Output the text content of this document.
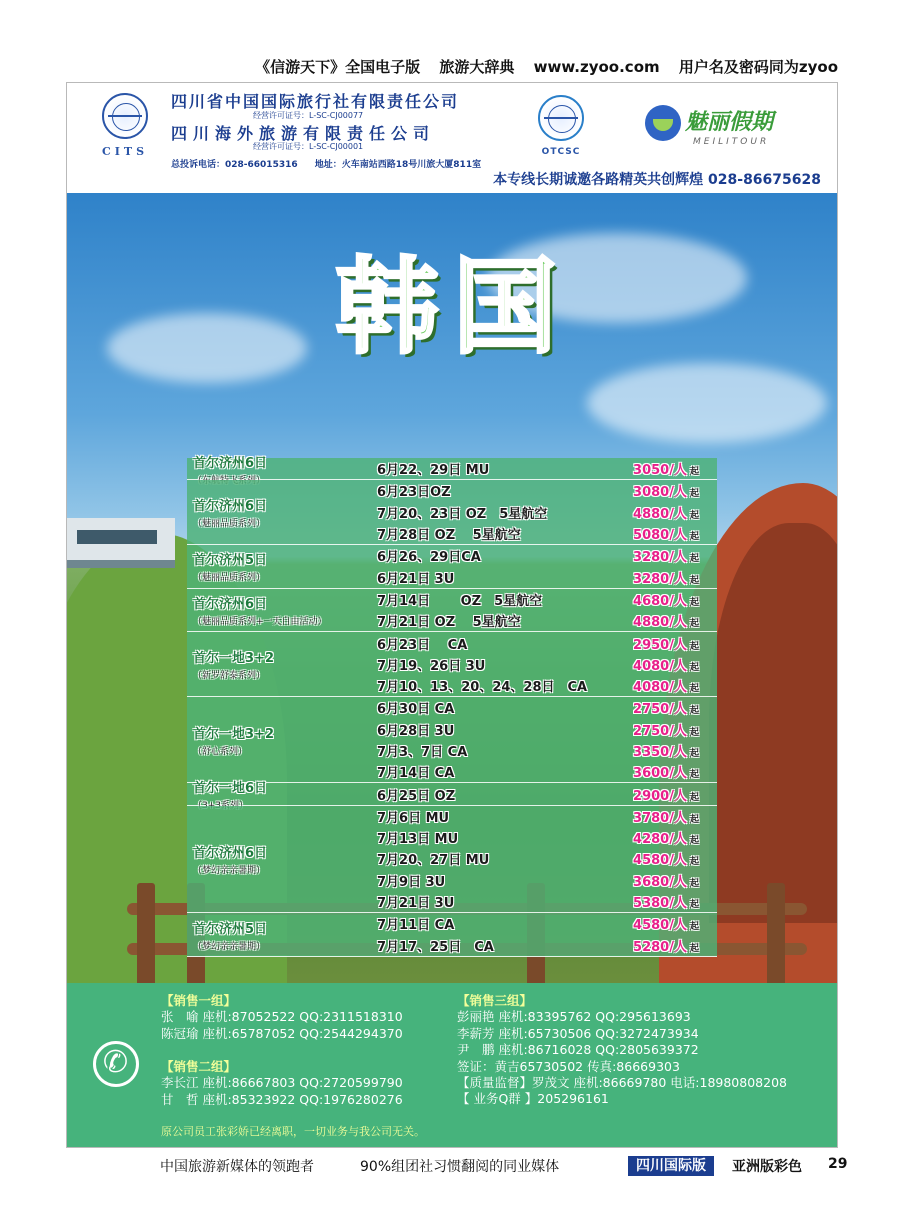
《信游天下》全国电子版 旅游大辞典 www.zyoo.com 用户名及密码同为zyoo
CITS
四川省中国国际旅行社有限责任公司
经营许可证号：L-SC-CJ00077
四川海外旅游有限责任公司
经营许可证号：L-SC-CJ00001
总投诉电话：028-66015316 地址：火车南站西路18号川旅大厦811室
OTCSC
魅丽假期
MEILITOUR
本专线长期诚邀各路精英共创辉煌 028-86675628
韩国
首尔济州6日	6月22、29日 MU	3050/人 起
首尔济州6日
（魅丽品质系列）
6月23日OZ	3080/人 起
7月20、23日 OZ　5星航空	4880/人 起
7月28日 OZ　 5星航空	5080/人 起
首尔济州5日
（魅丽品质系列）
6月26、29日CA	3280/人 起
6月21日 3U	3280/人 起
首尔济州6日
（魅丽品质系列+一天自由活动）
7月14日　　 OZ　5星航空	4680/人 起
7月21日 OZ　 5星航空	4880/人 起
首尔一地3+2
（新罗舒泰系列）
6月23日　 CA	2950/人 起
7月19、26日 3U	4080/人 起
7月10、13、20、24、28日　CA	4080/人 起
首尔一地3+2
（舒心系列）
6月30日 CA	2750/人 起
6月28日 3U	2750/人 起
7月3、7日 CA	3350/人 起
7月14日 CA	3600/人 起
首尔一地6日	6月25日 OZ	2900/人 起
首尔济州6日
（梦幻亲亲暑期）
7月6日 MU	3780/人 起
7月13日 MU	4280/人 起
7月20、27日 MU	4580/人 起
7月9日 3U	3680/人 起
7月21日 3U	5380/人 起
首尔济州5日
（梦幻亲亲暑期）
7月11日 CA	4580/人 起
7月17、25日　CA	5280/人 起
✆
【销售一组】
张　喻 座机:87052522 QQ:2311518310
陈冠瑜 座机:65787052 QQ:2544294370
【销售二组】
李长江 座机:86667803 QQ:2720599790
甘　哲 座机:85323922 QQ:1976280276
【销售三组】
彭丽艳 座机:83395762 QQ:295613693
李薪芳 座机:65730506 QQ:3272473934
尹　鹏 座机:86716028 QQ:2805639372
签证：黄吉65730502 传真:86669303
【质量监督】罗茂文 座机:86669780 电话:18980808208
【 业务Q群 】205296161
原公司员工张彩娇已经离职，一切业务与我公司无关。
中国旅游新媒体的领跑者	90%组团社习惯翻阅的同业媒体	四川国际版	亚洲版彩色 29
